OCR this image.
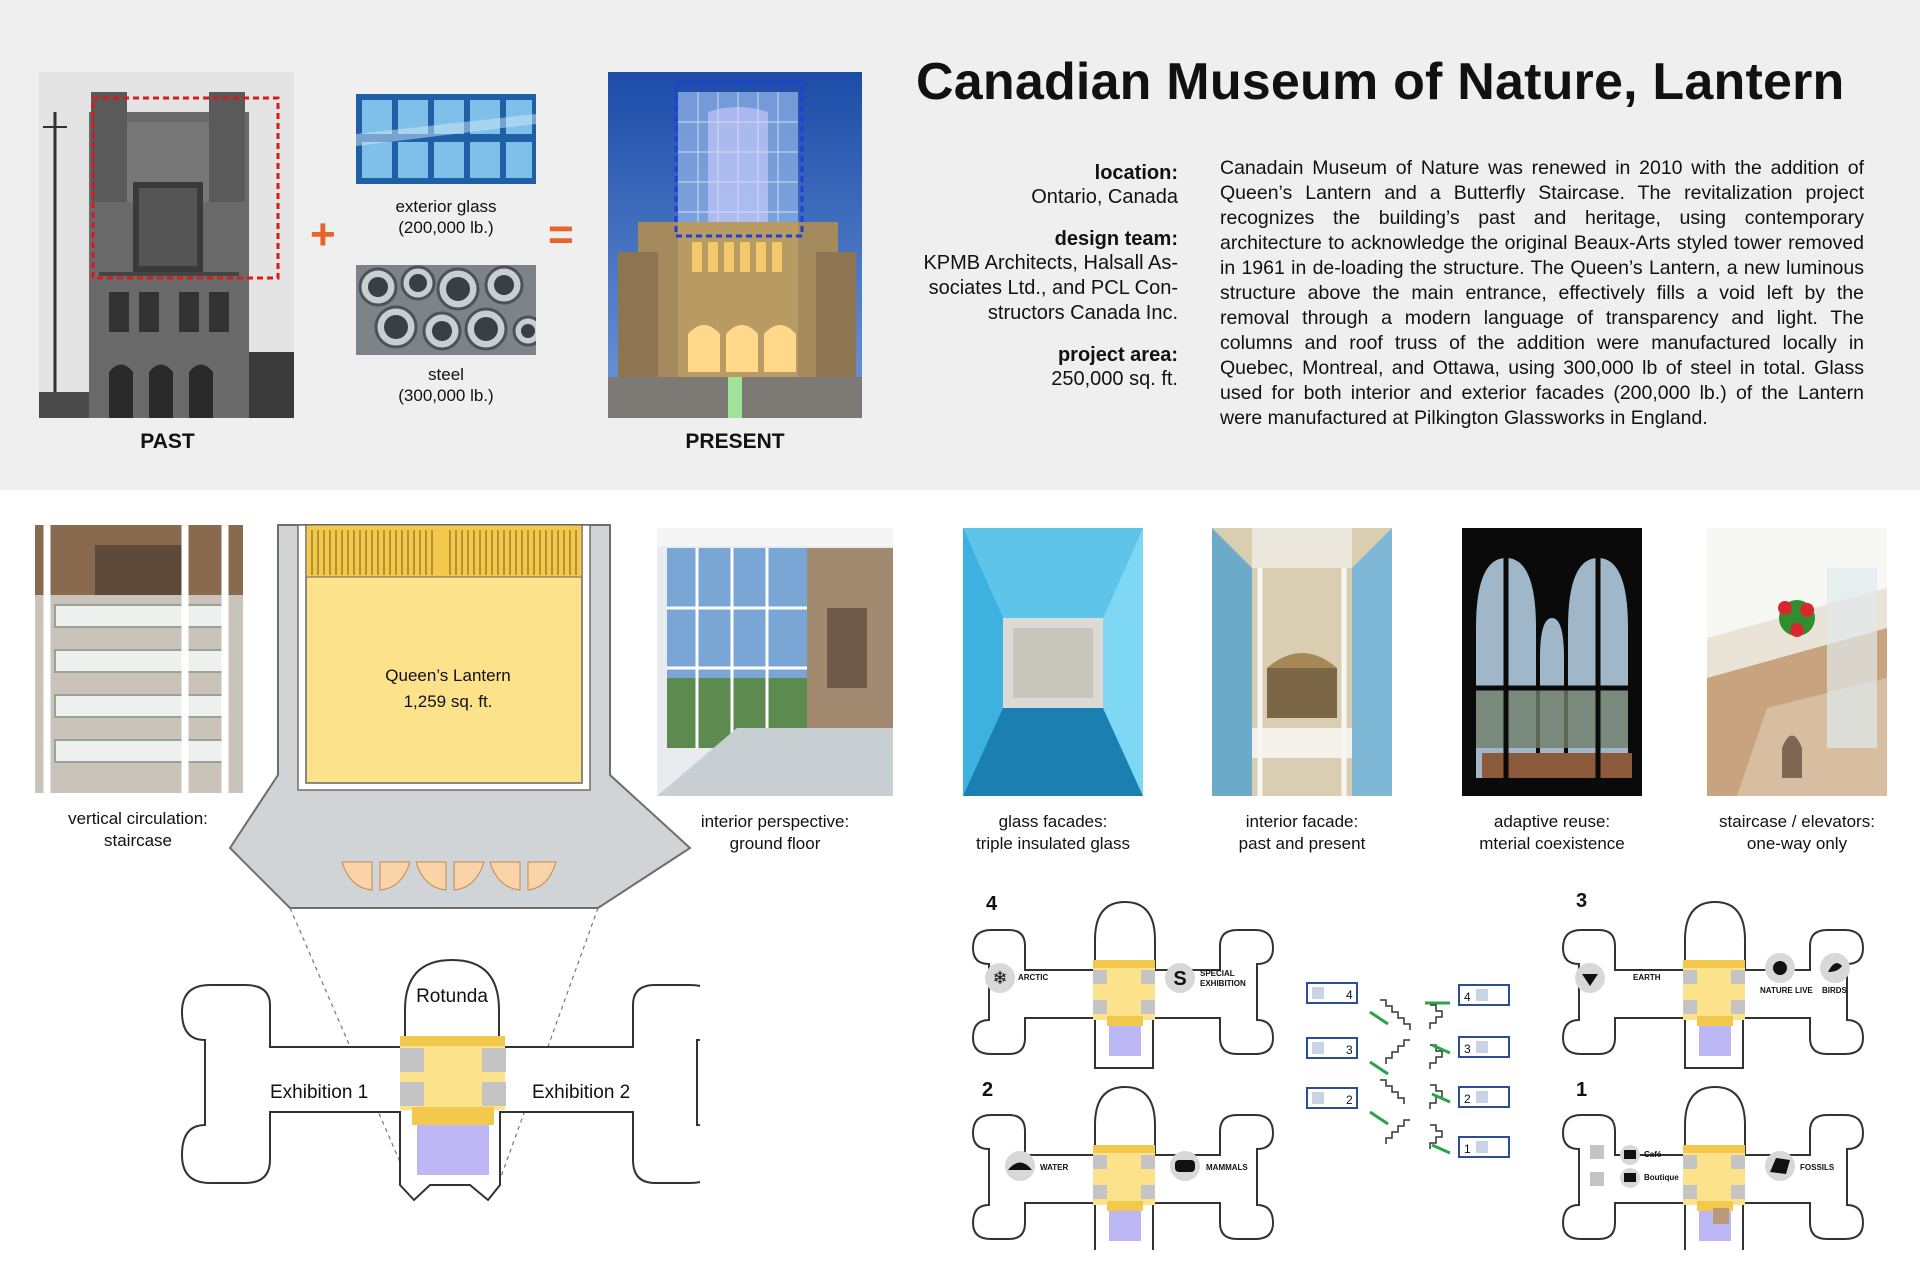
PAST
+
exterior glass
(200,000 lb.)
steel
(300,000 lb.)
=
PRESENT
Canadian Museum of Nature, Lantern
location:
Ontario, Canada
design team:
KPMB Architects, Halsall As-
sociates Ltd., and PCL Con-
structors Canada Inc.
project area:
250,000 sq. ft.
Canadain Museum of Nature was renewed in 2010 with the addition of Queen’s Lantern and a Butterfly Staircase. The revitalization project recognizes the building’s past and heritage, using contemporary architecture to acknowledge the original Beaux-Arts styled tower removed in 1961 in de-loading the structure. The Queen’s Lantern, a new luminous structure above the main entrance, effectively fills a void left by the removal through a modern language of transparency and light. The columns and roof truss of the addition were manufactured locally in Quebec, Montreal, and Ottawa, using 300,000 lb of steel in total. Glass used for both interior and exterior facades (200,000 lb.) of the Lantern were manufactured at Pilkington Glassworks in England.
vertical circulation:
staircase
interior perspective:
ground floor
glass facades:
triple insulated glass
interior facade:
past and present
adaptive reuse:
mterial coexistence
staircase / elevators:
one-way only
Queen’s Lantern
1,259 sq. ft.
Rotunda
Exhibition 1	Exhibition 2
❄	S
4	3
2	1
ARCTIC	SPECIAL
EXHIBITION
EARTH
NATURE LIVE BIRDS
WATER	MAMMALS
Café
Boutique
FOSSILS
4
3
2
4
3
2
1
